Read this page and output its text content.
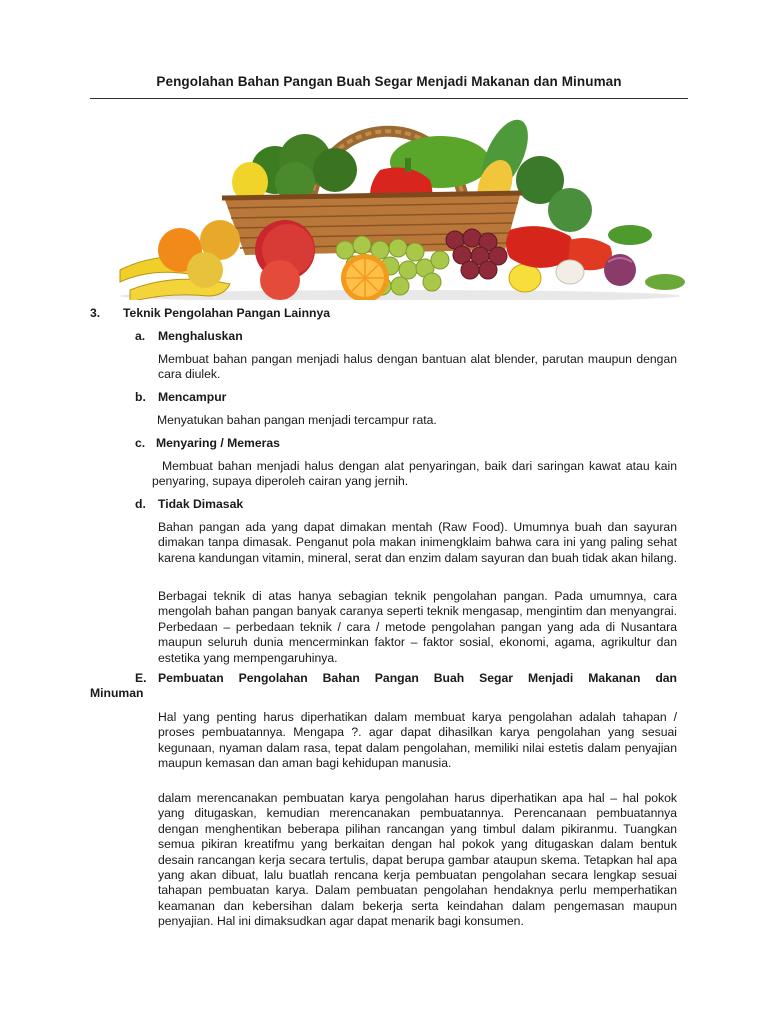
Pengolahan Bahan Pangan Buah Segar Menjadi Makanan dan Minuman
3. Teknik Pengolahan Pangan Lainnya
a. Menghaluskan
Membuat bahan pangan menjadi halus dengan bantuan alat blender, parutan maupun dengan cara diulek.
b. Mencampur
Menyatukan bahan pangan menjadi tercampur rata.
c. Menyaring / Memeras
Membuat bahan menjadi halus dengan alat penyaringan, baik dari saringan kawat atau kain penyaring, supaya diperoleh cairan yang jernih.
d. Tidak Dimasak
Bahan pangan ada yang dapat dimakan mentah (Raw Food). Umumnya buah dan sayuran dimakan tanpa dimasak. Penganut pola makan inimengklaim bahwa cara ini yang paling sehat karena kandungan vitamin, mineral, serat dan enzim dalam sayuran dan buah tidak akan hilang.
Berbagai teknik di atas hanya sebagian teknik pengolahan pangan. Pada umumnya, cara mengolah bahan pangan banyak caranya seperti teknik mengasap, mengintim dan menyangrai. Perbedaan – perbedaan teknik / cara / metode pengolahan pangan yang ada di Nusantara maupun seluruh dunia mencerminkan faktor – faktor sosial, ekonomi, agama, agrikultur dan estetika yang mempengaruhinya.
E. Pembuatan Pengolahan Bahan Pangan Buah Segar Menjadi Makanan dan
Minuman
Hal yang penting harus diperhatikan dalam membuat karya pengolahan adalah tahapan / proses pembuatannya. Mengapa ?. agar dapat dihasilkan karya pengolahan yang sesuai kegunaan, nyaman dalam rasa, tepat dalam pengolahan, memiliki nilai estetis dalam penyajian maupun kemasan dan aman bagi kehidupan manusia.
dalam merencanakan pembuatan karya pengolahan harus diperhatikan apa hal – hal pokok yang ditugaskan, kemudian merencanakan pembuatannya. Perencanaan pembuatannya dengan menghentikan beberapa pilihan rancangan yang timbul dalam pikiranmu. Tuangkan semua pikiran kreatifmu yang berkaitan dengan hal pokok yang ditugaskan dalam bentuk desain rancangan kerja secara tertulis, dapat berupa gambar ataupun skema. Tetapkan hal apa yang akan dibuat, lalu buatlah rencana kerja pembuatan pengolahan secara lengkap sesuai tahapan pembuatan karya. Dalam pembuatan pengolahan hendaknya perlu memperhatikan keamanan dan kebersihan dalam bekerja serta keindahan dalam pengemasan maupun penyajian. Hal ini dimaksudkan agar dapat menarik bagi konsumen.
